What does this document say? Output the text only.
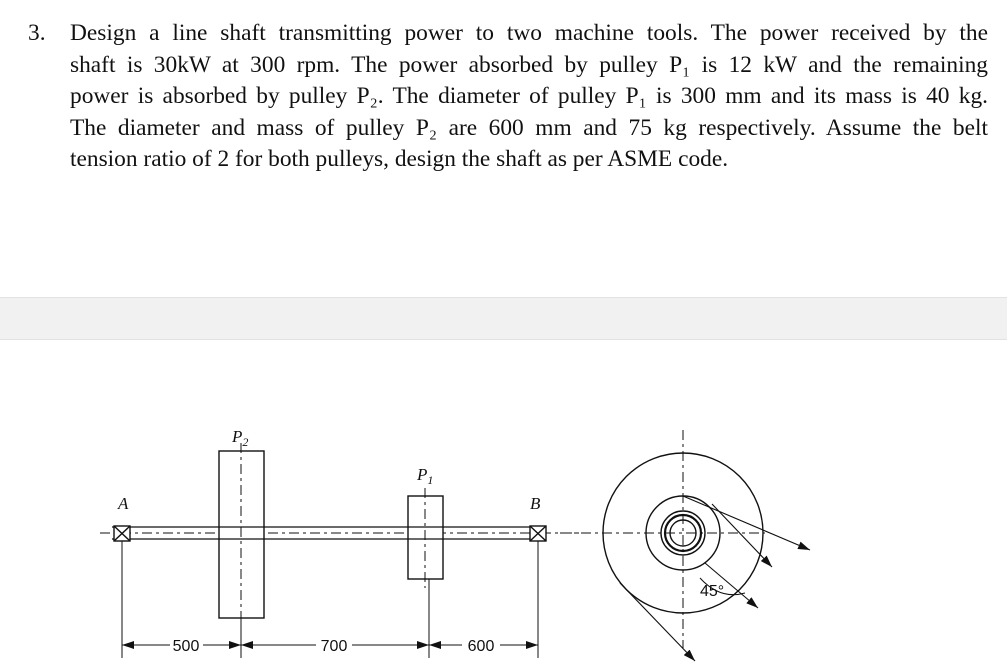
3. Design a line shaft transmitting power to two machine tools. The power received by the
shaft is 30kW at 300 rpm. The power absorbed by pulley P₁ is 12 kW and the remaining
power is absorbed by pulley P₂. The diameter of pulley P₁ is 300 mm and its mass is 40 kg.
The diameter and mass of pulley P₂ are 600 mm and 75 kg respectively. Assume the belt
tension ratio of 2 for both pulleys, design the shaft as per ASME code.
A	B
$P_2$
$P_1$
500	700	600
45°
